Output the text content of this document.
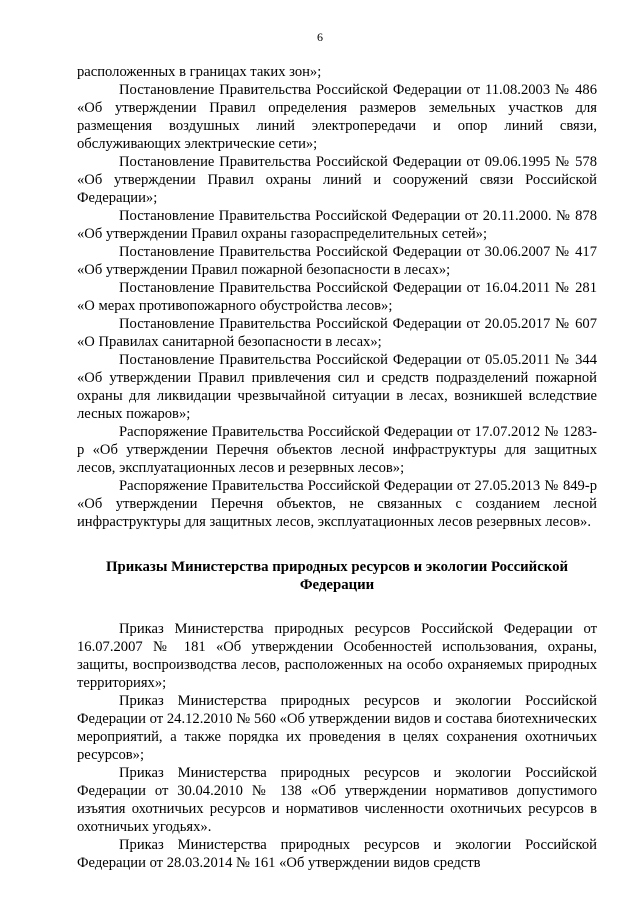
6

расположенных в границах таких зон»;

Постановление Правительства Российской Федерации от 11.08.2003 № 486 «Об утверждении Правил определения размеров земельных участков для размещения воздушных линий электропередачи и опор линий связи, обслуживающих электрические сети»;

Постановление Правительства Российской Федерации от 09.06.1995 № 578 «Об утверждении Правил охраны линий и сооружений связи Российской Федерации»;

Постановление Правительства Российской Федерации от 20.11.2000. № 878 «Об утверждении Правил охраны газораспределительных сетей»;

Постановление Правительства Российской Федерации от 30.06.2007 № 417 «Об утверждении Правил пожарной безопасности в лесах»;

Постановление Правительства Российской Федерации от 16.04.2011 № 281 «О мерах противопожарного обустройства лесов»;

Постановление Правительства Российской Федерации от 20.05.2017 № 607 «О Правилах санитарной безопасности в лесах»;

Постановление Правительства Российской Федерации от 05.05.2011 № 344 «Об утверждении Правил привлечения сил и средств подразделений пожарной охраны для ликвидации чрезвычайной ситуации в лесах, возникшей вследствие лесных пожаров»;

Распоряжение Правительства Российской Федерации от 17.07.2012 № 1283-р «Об утверждении Перечня объектов лесной инфраструктуры для защитных лесов, эксплуатационных лесов и резервных лесов»;

Распоряжение Правительства Российской Федерации от 27.05.2013 № 849-р «Об утверждении Перечня объектов, не связанных с созданием лесной инфраструктуры для защитных лесов, эксплуатационных лесов резервных лесов».

Приказы Министерства природных ресурсов и экологии Российской Федерации

Приказ Министерства природных ресурсов Российской Федерации от 16.07.2007 № 181 «Об утверждении Особенностей использования, охраны, защиты, воспроизводства лесов, расположенных на особо охраняемых природных территориях»;

Приказ Министерства природных ресурсов и экологии Российской Федерации от 24.12.2010 № 560 «Об утверждении видов и состава биотехнических мероприятий, а также порядка их проведения в целях сохранения охотничьих ресурсов»;

Приказ Министерства природных ресурсов и экологии Российской Федерации от 30.04.2010 № 138 «Об утверждении нормативов допустимого изъятия охотничьих ресурсов и нормативов численности охотничьих ресурсов в охотничьих угодьях».

Приказ Министерства природных ресурсов и экологии Российской Федерации от 28.03.2014 № 161 «Об утверждении видов средств
